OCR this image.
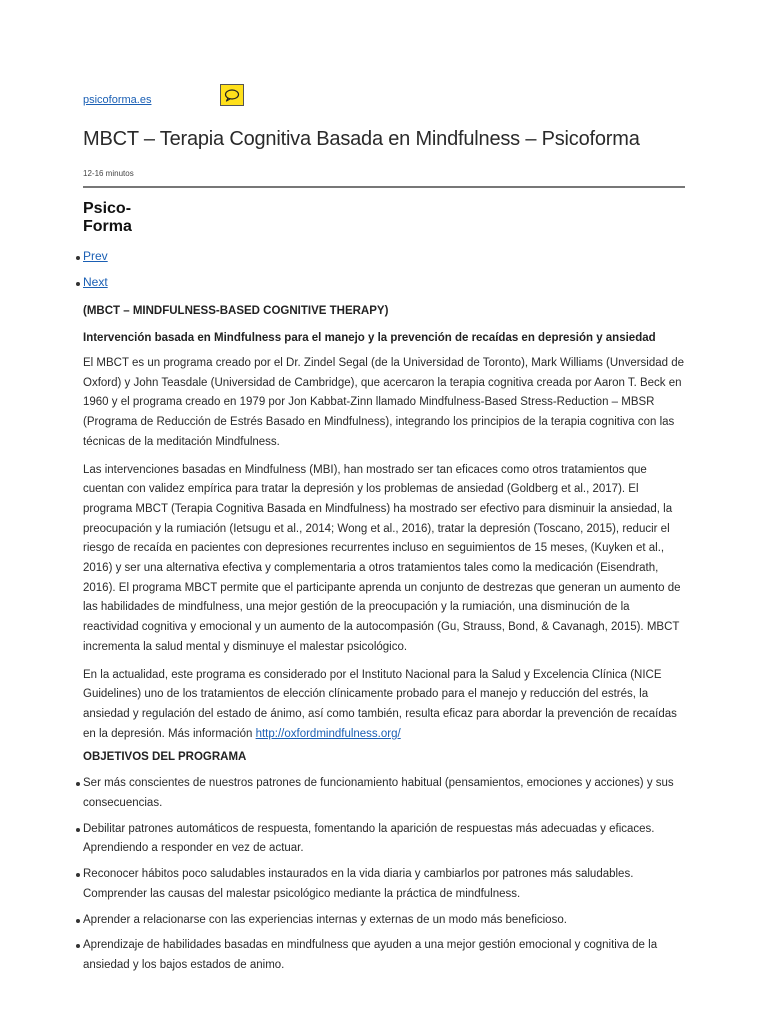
psicoforma.es
MBCT – Terapia Cognitiva Basada en Mindfulness – Psicoforma
12-16 minutos
Psico-
Forma
Prev
Next

(MBCT – MINDFULNESS-BASED COGNITIVE THERAPY)

Intervención basada en Mindfulness para el manejo y la prevención de recaídas en depresión y ansiedad

El MBCT es un programa creado por el Dr. Zindel Segal (de la Universidad de Toronto), Mark Williams (Unversidad de Oxford) y John Teasdale (Universidad de Cambridge), que acercaron la terapia cognitiva creada por Aaron T. Beck en 1960 y el programa creado en 1979 por Jon Kabbat-Zinn llamado Mindfulness-Based Stress-Reduction – MBSR (Programa de Reducción de Estrés Basado en Mindfulness), integrando los principios de la terapia cognitiva con las técnicas de la meditación Mindfulness.

Las intervenciones basadas en Mindfulness (MBI), han mostrado ser tan eficaces como otros tratamientos que cuentan con validez empírica para tratar la depresión y los problemas de ansiedad (Goldberg et al., 2017). El programa MBCT (Terapia Cognitiva Basada en Mindfulness) ha mostrado ser efectivo para disminuir la ansiedad, la preocupación y la rumiación (Ietsugu et al., 2014; Wong et al., 2016), tratar la depresión (Toscano, 2015), reducir el riesgo de recaída en pacientes con depresiones recurrentes incluso en seguimientos de 15 meses, (Kuyken et al., 2016) y ser una alternativa efectiva y complementaria a otros tratamientos tales como la medicación (Eisendrath, 2016). El programa MBCT permite que el participante aprenda un conjunto de destrezas que generan un aumento de las habilidades de mindfulness, una mejor gestión de la preocupación y la rumiación, una disminución de la reactividad cognitiva y emocional y un aumento de la autocompasión (Gu, Strauss, Bond, & Cavanagh, 2015). MBCT incrementa la salud mental y disminuye el malestar psicológico.

En la actualidad, este programa es considerado por el Instituto Nacional para la Salud y Excelencia Clínica (NICE Guidelines) uno de los tratamientos de elección clínicamente probado para el manejo y reducción del estrés, la ansiedad y regulación del estado de ánimo, así como también, resulta eficaz para abordar la prevención de recaídas en la depresión. Más información http://oxfordmindfulness.org/

OBJETIVOS DEL PROGRAMA

Ser más conscientes de nuestros patrones de funcionamiento habitual (pensamientos, emociones y acciones) y sus consecuencias.
Debilitar patrones automáticos de respuesta, fomentando la aparición de respuestas más adecuadas y eficaces. Aprendiendo a responder en vez de actuar.
Reconocer hábitos poco saludables instaurados en la vida diaria y cambiarlos por patrones más saludables. Comprender las causas del malestar psicológico mediante la práctica de mindfulness.
Aprender a relacionarse con las experiencias internas y externas de un modo más beneficioso.
Aprendizaje de habilidades basadas en mindfulness que ayuden a una mejor gestión emocional y cognitiva de la ansiedad y los bajos estados de animo.
